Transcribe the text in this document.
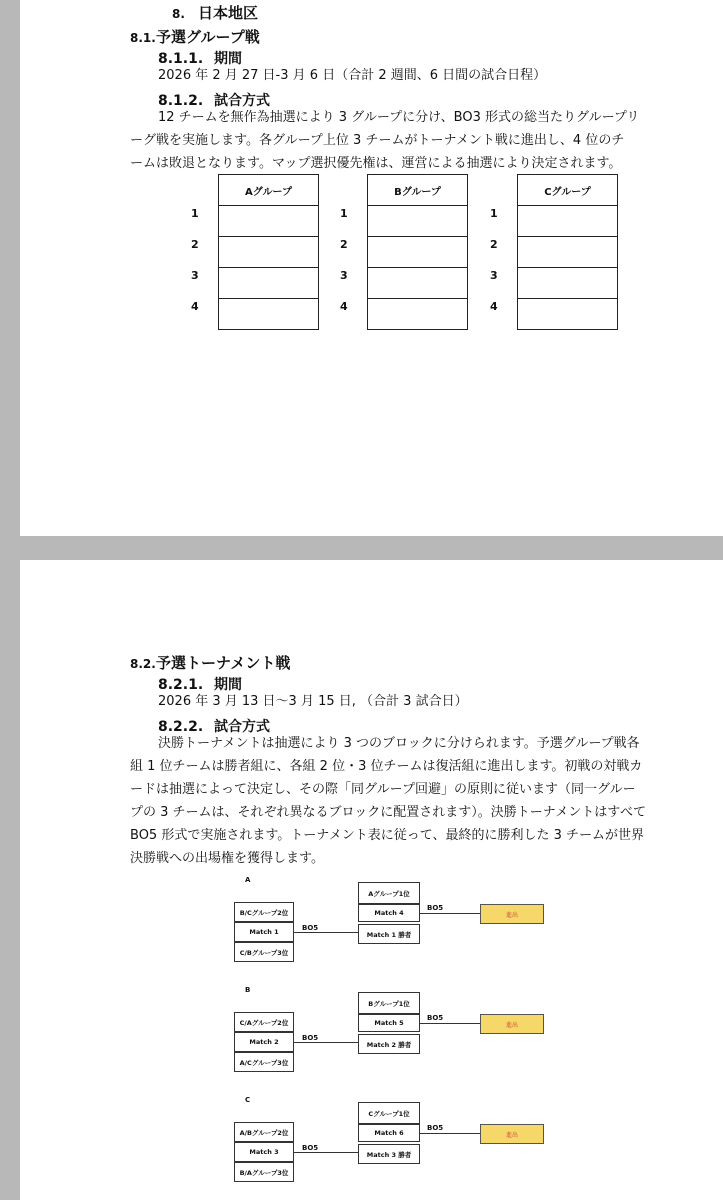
8. 日本地区
8.1.予選グループ戦
8.1.1. 期間
2026 年 2 月 27 日-3 月 6 日（合計 2 週間、6 日間の試合日程）
8.1.2. 試合方式
12 チームを無作為抽選により 3 グループに分け、BO3 形式の総当たりグループリ
ーグ戦を実施します。各グループ上位 3 チームがトーナメント戦に進出し、4 位のチ
ームは敗退となります。マップ選択優先権は、運営による抽選により決定されます。
Aグループ
1
2
3
4
Bグループ
1
2
3
4
Cグループ
1
2
3
4
8.2.予選トーナメント戦
8.2.1. 期間
2026 年 3 月 13 日〜3 月 15 日, （合計 3 試合日）
8.2.2. 試合方式
決勝トーナメントは抽選により 3 つのブロックに分けられます。予選グループ戦各
組 1 位チームは勝者組に、各組 2 位・3 位チームは復活組に進出します。初戦の対戦カ
ードは抽選によって決定し、その際「同グループ回避」の原則に従います（同一グルー
プの 3 チームは、それぞれ異なるブロックに配置されます）。決勝トーナメントはすべて
BO5 形式で実施されます。トーナメント表に従って、最終的に勝利した 3 チームが世界
決勝戦への出場権を獲得します。
A
B/Cグループ2位
Match 1
C/Bグループ3位
BO5
Aグループ1位
Match 4
Match 1 勝者
BO5
進出
B
C/Aグループ2位
Match 2
A/Cグループ3位
BO5
Bグループ1位
Match 5
Match 2 勝者
BO5
進出
C
A/Bグループ2位
Match 3
B/Aグループ3位
BO5
Cグループ1位
Match 6
Match 3 勝者
BO5
進出
